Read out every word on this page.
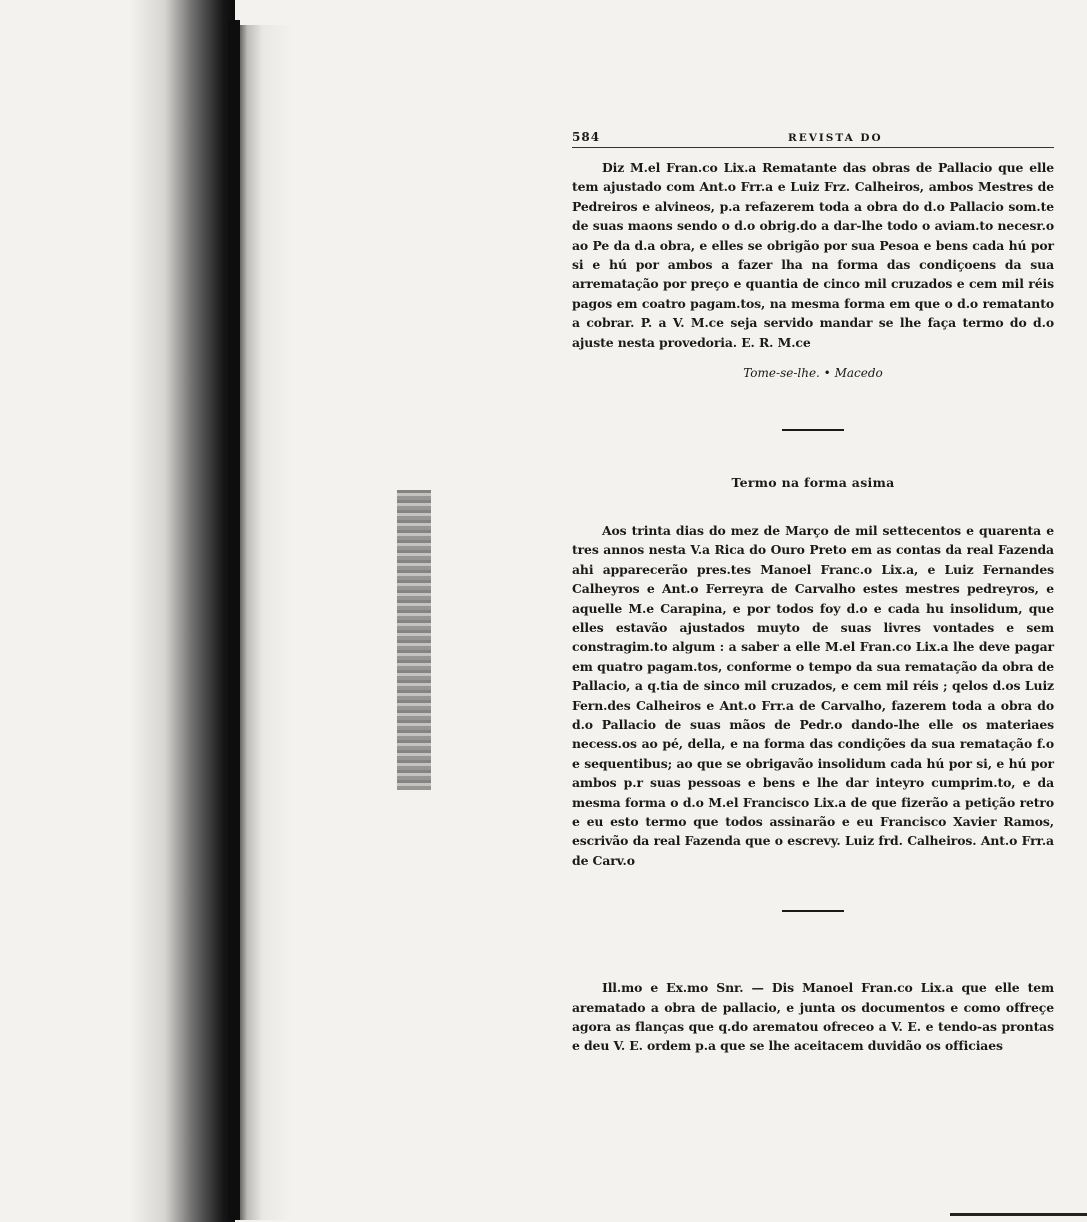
584	REVISTA DO

Diz M.el Fran.co Lix.a Rematante das obras de Pallacio que elle tem ajustado com Ant.o Frr.a e Luiz Frz. Calheiros, ambos Mestres de Pedreiros e alvineos, p.a refazerem toda a obra do d.o Pallacio som.te de suas maons sendo o d.o obrig.do a dar-lhe todo o aviam.to necesr.o ao Pe da d.a obra, e elles se obrigão por sua Pesoa e bens cada hú por si e hú por ambos a fazer lha na forma das condiçoens da sua arrematação por preço e quantia de cinco mil cruzados e cem mil réis pagos em coatro pagam.tos, na mesma forma em que o d.o rematanto a cobrar. P. a V. M.ce seja servido mandar se lhe faça termo do d.o ajuste nesta provedoria. E. R. M.ce

Tome-se-lhe. • Macedo

Termo na forma asima

Aos trinta dias do mez de Março de mil settecentos e quarenta e tres annos nesta V.a Rica do Ouro Preto em as contas da real Fazenda ahi apparecerão pres.tes Manoel Franc.o Lix.a, e Luiz Fernandes Calheyros e Ant.o Ferreyra de Carvalho estes mestres pedreyros, e aquelle M.e Carapina, e por todos foy d.o e cada hu insolidum, que elles estavão ajustados muyto de suas livres vontades e sem constragim.to algum : a saber a elle M.el Fran.co Lix.a lhe deve pagar em quatro pagam.tos, conforme o tempo da sua rematação da obra de Pallacio, a q.tia de sinco mil cruzados, e cem mil réis ; qelos d.os Luiz Fern.des Calheiros e Ant.o Frr.a de Carvalho, fazerem toda a obra do d.o Pallacio de suas mãos de Pedr.o dando-lhe elle os materiaes necess.os ao pé, della, e na forma das condições da sua rematação f.o e sequentibus; ao que se obrigavão insolidum cada hú por si, e hú por ambos p.r suas pessoas e bens e lhe dar inteyro cumprim.to, e da mesma forma o d.o M.el Francisco Lix.a de que fizerão a petição retro e eu esto termo que todos assinarão e eu Francisco Xavier Ramos, escrivão da real Fazenda que o escrevy. Luiz frd. Calheiros. Ant.o Frr.a de Carv.o

Ill.mo e Ex.mo Snr. — Dis Manoel Fran.co Lix.a que elle tem arematado a obra de pallacio, e junta os documentos e como offreçe agora as flanças que q.do arematou ofreceo a V. E. e tendo-as prontas e deu V. E. ordem p.a que se lhe aceitacem duvidão os officiaes
